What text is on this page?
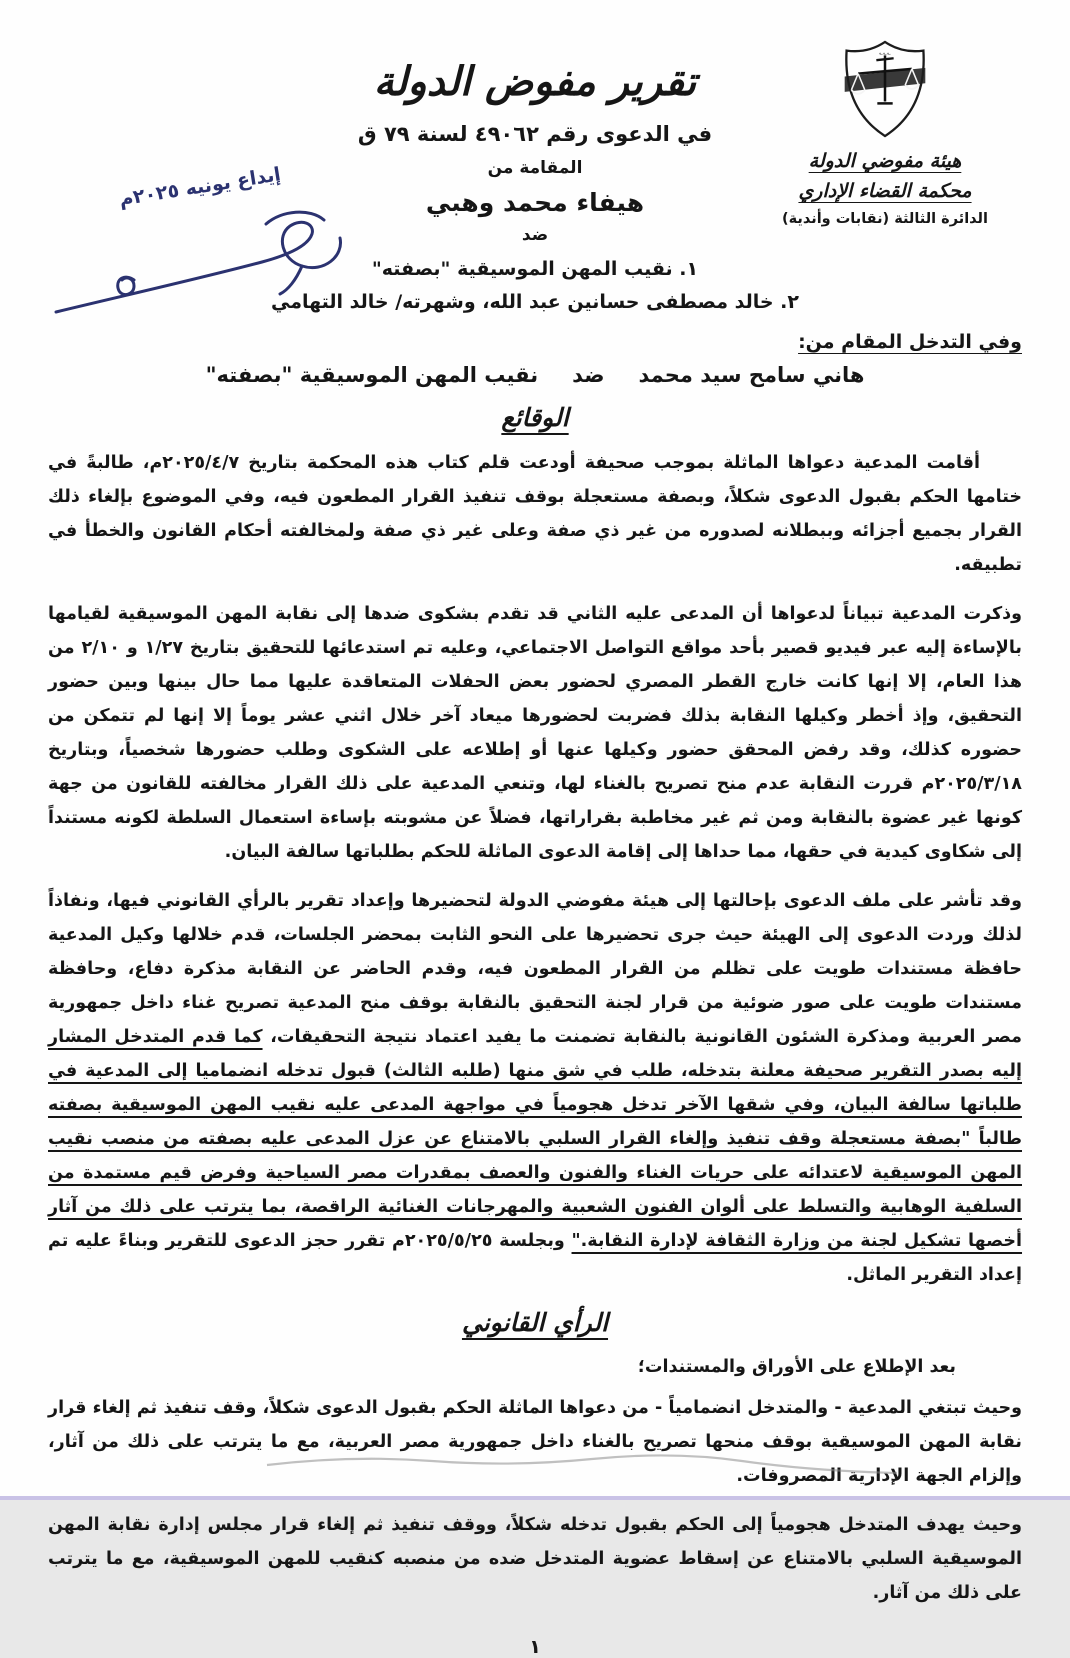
؎؎؎
هيئة مفوضي الدولة
محكمة القضاء الإداري
الدائرة الثالثة (نقابات وأندية)
إيداع يونيه ٢٠٢٥م
تقرير مفوض الدولة
في الدعوى رقم ٤٩٠٦٢ لسنة ٧٩ ق
المقامة من
هيفاء محمد وهبي
ضد
١. نقيب المهن الموسيقية "بصفته"
٢. خالد مصطفى حسانين عبد الله، وشهرته/ خالد التهامي
وفي التدخل المقام من:
هاني سامح سيد محمدضدنقيب المهن الموسيقية "بصفته"
الوقائع

أقامت المدعية دعواها الماثلة بموجب صحيفة أودعت قلم كتاب هذه المحكمة بتاريخ ٢٠٢٥/٤/٧م، طالبةً في ختامها الحكم بقبول الدعوى شكلاً، وبصفة مستعجلة بوقف تنفيذ القرار المطعون فيه، وفي الموضوع بإلغاء ذلك القرار بجميع أجزائه وببطلانه لصدوره من غير ذي صفة وعلى غير ذي صفة ولمخالفته أحكام القانون والخطأ في تطبيقه.

وذكرت المدعية تبياناً لدعواها أن المدعى عليه الثاني قد تقدم بشكوى ضدها إلى نقابة المهن الموسيقية لقيامها بالإساءة إليه عبر فيديو قصير بأحد مواقع التواصل الاجتماعي، وعليه تم استدعائها للتحقيق بتاريخ ١/٢٧ و ٢/١٠ من هذا العام، إلا إنها كانت خارج القطر المصري لحضور بعض الحفلات المتعاقدة عليها مما حال بينها وبين حضور التحقيق، وإذ أخطر وكيلها النقابة بذلك فضربت لحضورها ميعاد آخر خلال اثني عشر يوماً إلا إنها لم تتمكن من حضوره كذلك، وقد رفض المحقق حضور وكيلها عنها أو إطلاعه على الشكوى وطلب حضورها شخصياً، وبتاريخ ٢٠٢٥/٣/١٨م قررت النقابة عدم منح تصريح بالغناء لها، وتنعي المدعية على ذلك القرار مخالفته للقانون من جهة كونها غير عضوة بالنقابة ومن ثم غير مخاطبة بقراراتها، فضلاً عن مشوبته بإساءة استعمال السلطة لكونه مستنداً إلى شكاوى كيدية في حقها، مما حداها إلى إقامة الدعوى الماثلة للحكم بطلباتها سالفة البيان.

وقد تأشر على ملف الدعوى بإحالتها إلى هيئة مفوضي الدولة لتحضيرها وإعداد تقرير بالرأي القانوني فيها، ونفاذاً لذلك وردت الدعوى إلى الهيئة حيث جرى تحضيرها على النحو الثابت بمحضر الجلسات، قدم خلالها وكيل المدعية حافظة مستندات طويت على تظلم من القرار المطعون فيه، وقدم الحاضر عن النقابة مذكرة دفاع، وحافظة مستندات طويت على صور ضوئية من قرار لجنة التحقيق بالنقابة بوقف منح المدعية تصريح غناء داخل جمهورية مصر العربية ومذكرة الشئون القانونية بالنقابة تضمنت ما يفيد اعتماد نتيجة التحقيقات، كما قدم المتدخل المشار إليه بصدر التقرير صحيفة معلنة بتدخله، طلب في شق منها (طلبه الثالث) قبول تدخله انضماميا إلى المدعية في طلباتها سالفة البيان، وفي شقها الآخر تدخل هجومياً في مواجهة المدعى عليه نقيب المهن الموسيقية بصفته طالباً "بصفة مستعجلة وقف تنفيذ وإلغاء القرار السلبي بالامتناع عن عزل المدعى عليه بصفته من منصب نقيب المهن الموسيقية لاعتدائه على حريات الغناء والفنون والعصف بمقدرات مصر السياحية وفرض قيم مستمدة من السلفية الوهابية والتسلط على ألوان الفنون الشعبية والمهرجانات الغنائية الراقصة، بما يترتب على ذلك من آثار أخصها تشكيل لجنة من وزارة الثقافة لإدارة النقابة." وبجلسة ٢٠٢٥/٥/٢٥م تقرر حجز الدعوى للتقرير وبناءً عليه تم إعداد التقرير الماثل.

الرأي القانوني
بعد الإطلاع على الأوراق والمستندات؛

وحيث تبتغي المدعية - والمتدخل انضمامياً - من دعواها الماثلة الحكم بقبول الدعوى شكلاً، وقف تنفيذ ثم إلغاء قرار نقابة المهن الموسيقية بوقف منحها تصريح بالغناء داخل جمهورية مصر العربية، مع ما يترتب على ذلك من آثار، وإلزام الجهة الإدارية المصروفات.

وحيث يهدف المتدخل هجومياً إلى الحكم بقبول تدخله شكلاً، ووقف تنفيذ ثم إلغاء قرار مجلس إدارة نقابة المهن الموسيقية السلبي بالامتناع عن إسقاط عضوية المتدخل ضده من منصبه كنقيب للمهن الموسيقية، مع ما يترتب على ذلك من آثار.

١
